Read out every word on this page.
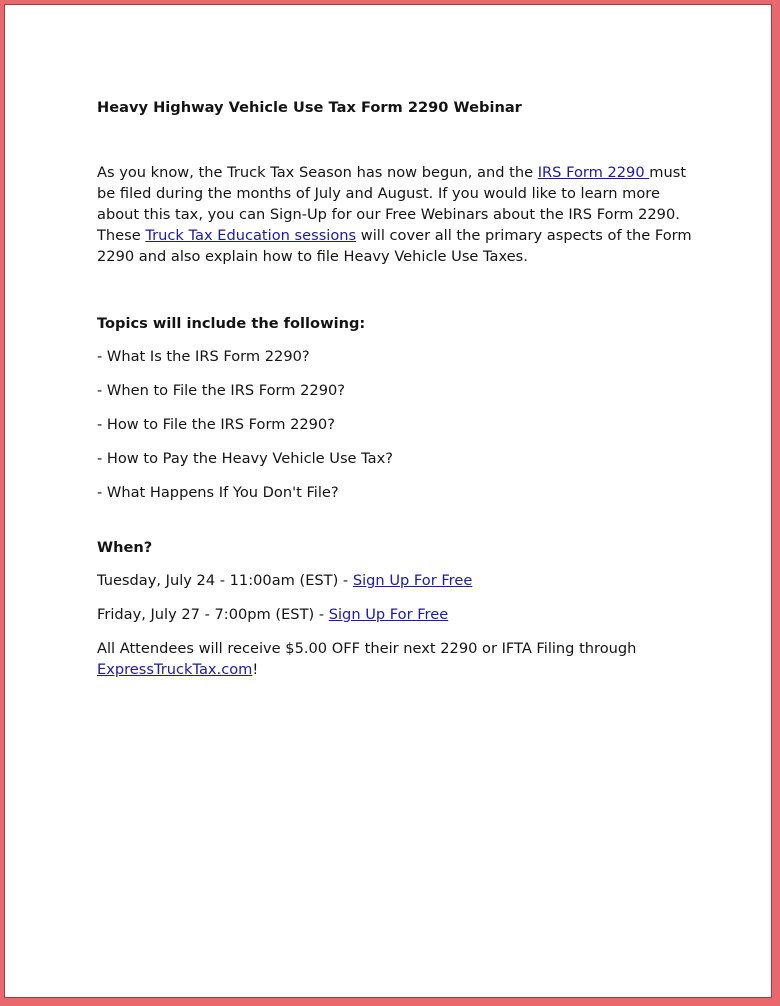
Heavy Highway Vehicle Use Tax Form 2290 Webinar

As you know, the Truck Tax Season has now begun, and the IRS Form 2290 must be filed during the months of July and August. If you would like to learn more about this tax, you can Sign-Up for our Free Webinars about the IRS Form 2290. These Truck Tax Education sessions will cover all the primary aspects of the Form 2290 and also explain how to file Heavy Vehicle Use Taxes.

Topics will include the following:

- What Is the IRS Form 2290?
- When to File the IRS Form 2290?
- How to File the IRS Form 2290?
- How to Pay the Heavy Vehicle Use Tax?
- What Happens If You Don't File?

When?

Tuesday, July 24 - 11:00am (EST) - Sign Up For Free

Friday, July 27 - 7:00pm (EST) - Sign Up For Free

All Attendees will receive $5.00 OFF their next 2290 or IFTA Filing through ExpressTruckTax.com!
